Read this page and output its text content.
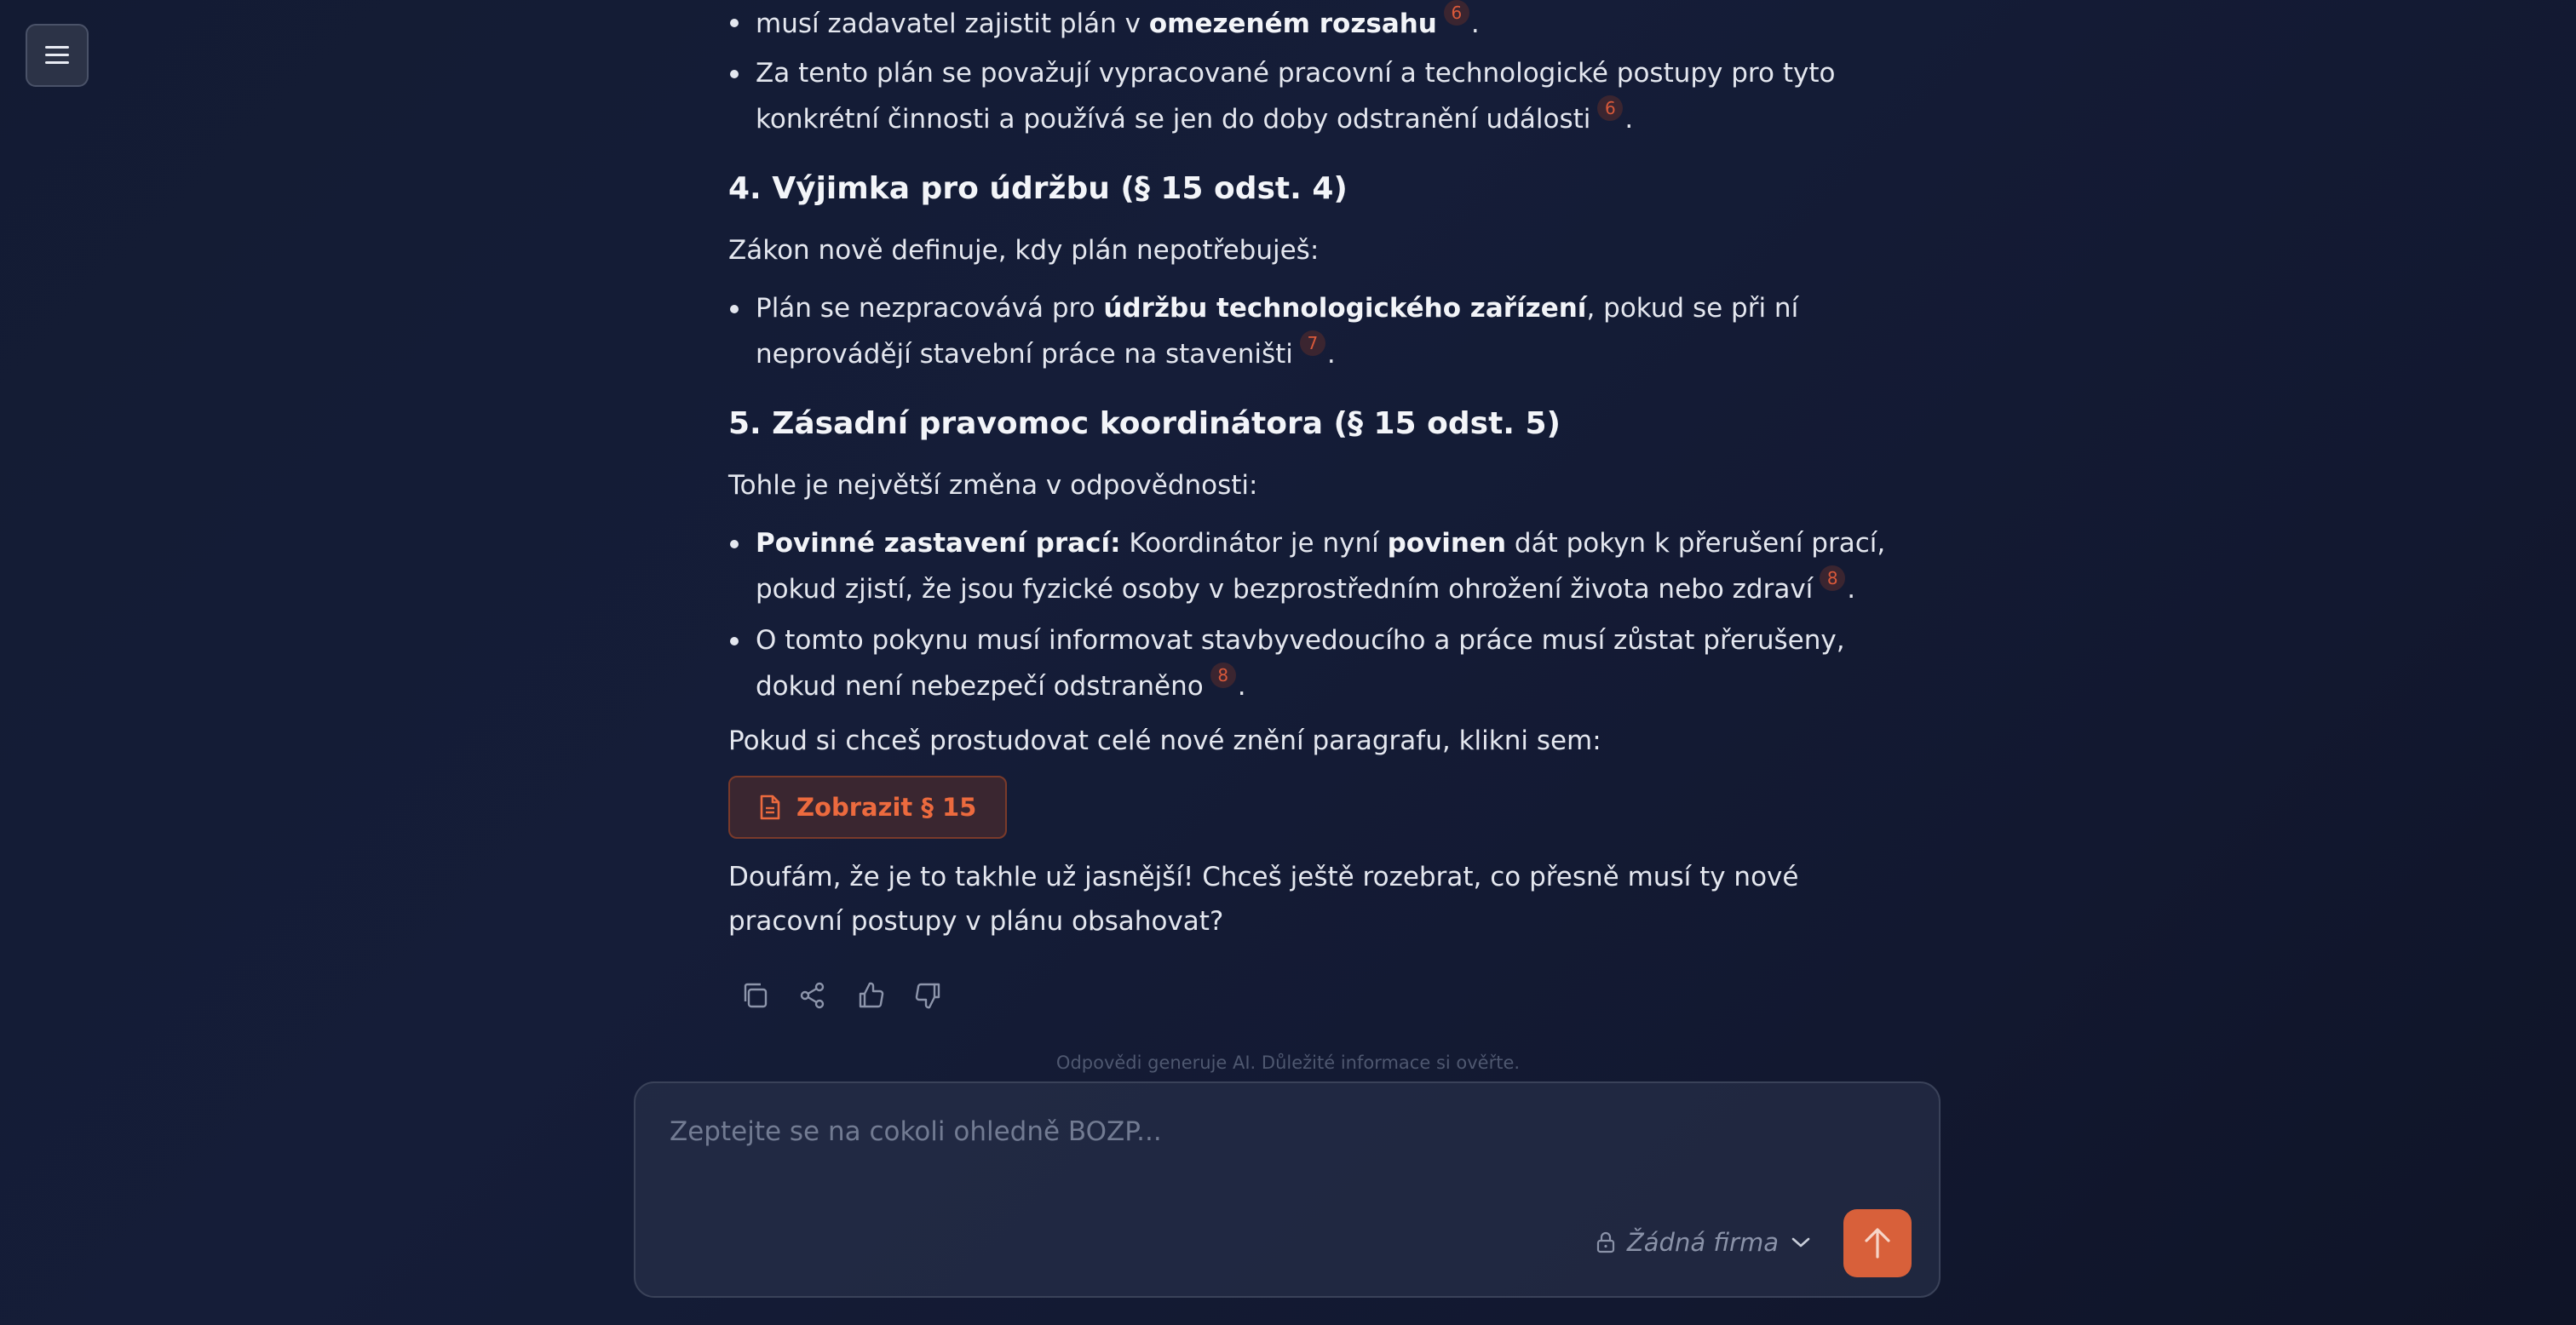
musí zadavatel zajistit plán v omezeném rozsahu 6 .
Za tento plán se považují vypracované pracovní a technologické postupy pro tyto konkrétní činnosti a používá se jen do doby odstranění události 6 .
4. Výjimka pro údržbu (§ 15 odst. 4)

Zákon nově definuje, kdy plán nepotřebuješ:

Plán se nezpracovává pro údržbu technologického zařízení, pokud se při ní neprovádějí stavební práce na staveništi 7 .
5. Zásadní pravomoc koordinátora (§ 15 odst. 5)

Tohle je největší změna v odpovědnosti:

Povinné zastavení prací: Koordinátor je nyní povinen dát pokyn k přerušení prací, pokud zjistí, že jsou fyzické osoby v bezprostředním ohrožení života nebo zdraví 8 .
O tomto pokynu musí informovat stavbyvedoucího a práce musí zůstat přerušeny, dokud není nebezpečí odstraněno 8 .

Pokud si chceš prostudovat celé nové znění paragrafu, klikni sem:

Zobrazit § 15

Doufám, že je to takhle už jasnější! Chceš ještě rozebrat, co přesně musí ty nové pracovní postupy v plánu obsahovat?

Odpovědi generuje AI. Důležité informace si ověřte.
Zeptejte se na cokoli ohledně BOZP...
Žádná firma
